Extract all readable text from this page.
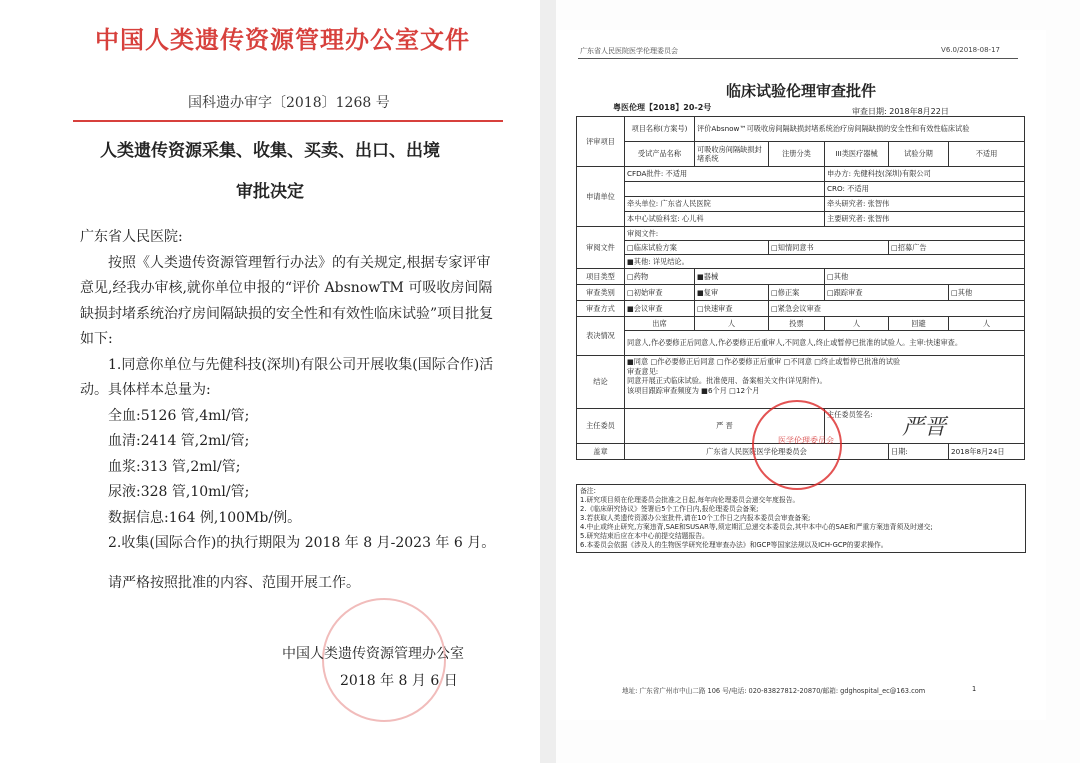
中国人类遗传资源管理办公室文件
国科遗办审字〔2018〕1268 号
人类遗传资源采集、收集、买卖、出口、出境
审批决定

广东省人民医院:

按照《人类遗传资源管理暂行办法》的有关规定,根据专家评审意见,经我办审核,就你单位申报的“评价 AbsnowTM 可吸收房间隔缺损封堵系统治疗房间隔缺损的安全性和有效性临床试验”项目批复如下:

1.同意你单位与先健科技(深圳)有限公司开展收集(国际合作)活动。具体样本总量为:

全血:5126 管,4ml/管;

血清:2414 管,2ml/管;

血浆:313 管,2ml/管;

尿液:328 管,10ml/管;

数据信息:164 例,100Mb/例。

2.收集(国际合作)的执行期限为 2018 年 8 月-2023 年 6 月。

请严格按照批准的内容、范围开展工作。

中国人类遗传资源管理办公室
2018 年 8 月 6 日
广东省人民医院医学伦理委员会	V6.0/2018-08-17
临床试验伦理审查批件
粤医伦理【2018】20-2号	审查日期: 2018年8月22日
评审项目	项目名称(方案号)	评价Absnow™可吸收房间隔缺损封堵系统治疗房间隔缺损的安全性和有效性临床试验				
	受试产品名称	可吸收房间隔缺损封堵系统	注册分类	III类医疗器械	试验分期	不适用
申请单位	CFDA批件: 不适用			申办方: 先健科技(深圳)有限公司		
				CRO: 不适用		
	牵头单位: 广东省人民医院			牵头研究者: 张智伟		
	本中心试验科室: 心儿科			主要研究者: 张智伟		
审阅文件	审阅文件:					
	□临床试验方案		□知情同意书		□招募广告	
	■其他: 详见结论。					
项目类型	□药物	■器械		□其他		
审查类别	□初始审查	■复审	□修正案	□跟踪审查		□其他
审查方式	■会议审查	□快速审查	□紧急会议审查			
表决情况	出席	人	投票	人	回避	人
	同意人,作必要修正后同意人,作必要修正后重审人,不同意人,终止或暂停已批准的试验人。主审:快速审查。					
结论	■同意 □作必要修正后同意 □作必要修正后重审 □不同意 □终止或暂停已批准的试验
审查意见:
同意开展正式临床试验。批准使用、备案相关文件(详见附件)。
该项目跟踪审查频度为 ■6个月 □12个月					

主任委员	严 晋			主任委员签名:		
盖章	广东省人民医院医学伦理委员会				日期:	2018年8月24日

备注:

1.研究项目须在伦理委员会批准之日起,每年向伦理委员会递交年度报告。

2.《临床研究协议》签署后5个工作日内,报伦理委员会备案;

3.若获取人类遗传资源办公室批件,请在10个工作日之内报本委员会审查备案;

4.中止或终止研究,方案违背,SAE和SUSAR等,须定期汇总递交本委员会,其中本中心的SAE和严重方案违背须及时递交;

5.研究结束后应在本中心前提交结题报告。

6.本委员会依据《涉及人的生物医学研究伦理审查办法》和GCP等国家法规以及ICH-GCP的要求操作。

医学伦理委员会
严晋
地址: 广东省广州市中山二路 106 号/电话: 020-83827812-20870/邮箱: gdghospital_ec@163.com	1
